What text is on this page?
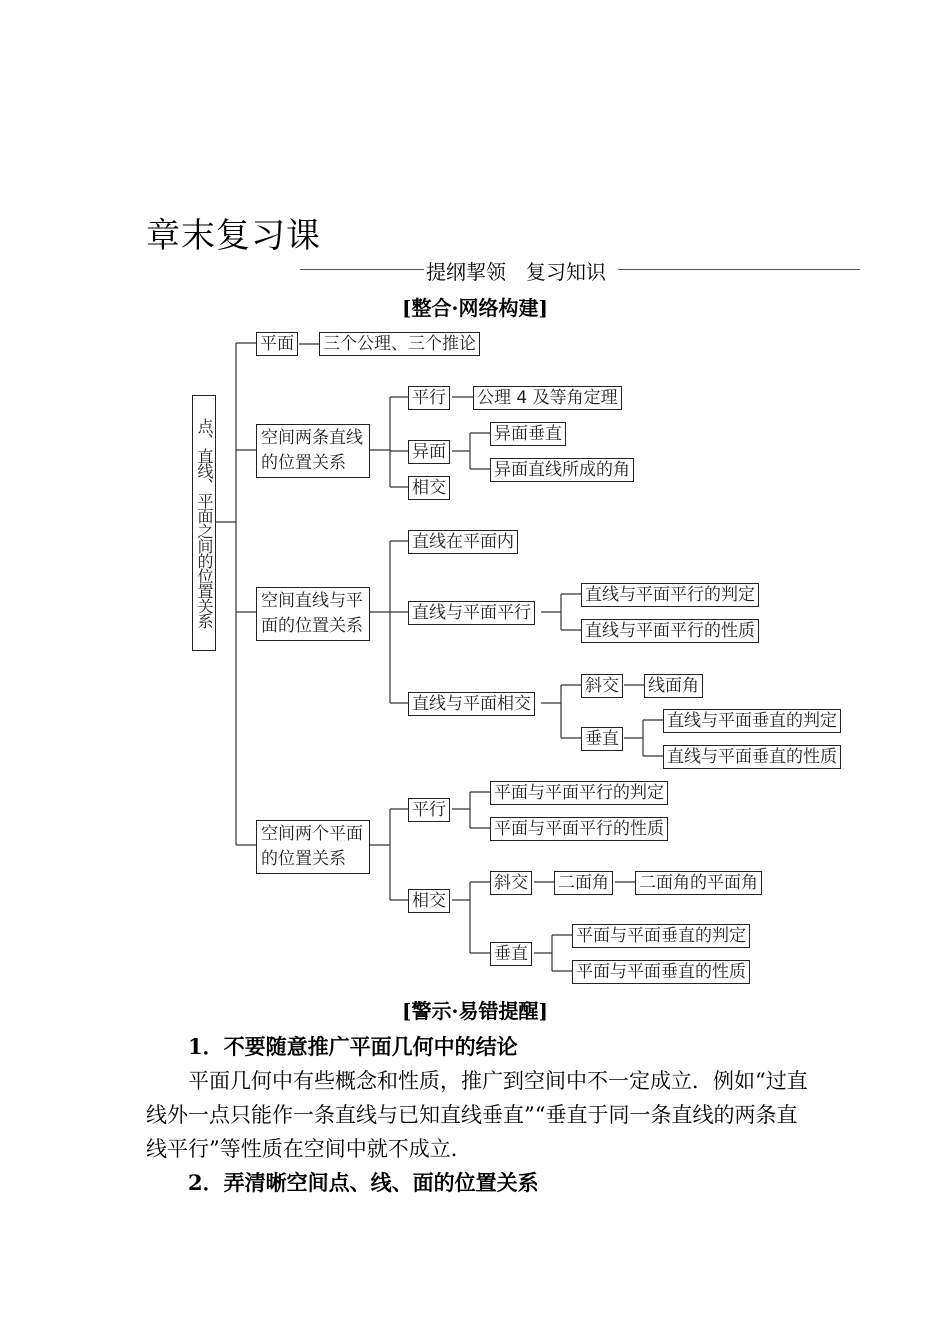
章末复习课
提纲挈领　复习知识
[整合·网络构建]
点、直线、平面之间的位置关系
平面 三个公理、三个推论
空间两条直线的位置关系
平行 公理 4 及等角定理
异面
异面垂直
异面直线所成的角
相交
空间直线与平面的位置关系
直线在平面内
直线与平面平行
直线与平面平行的判定
直线与平面平行的性质
直线与平面相交
斜交 线面角
垂直
直线与平面垂直的判定
直线与平面垂直的性质
空间两个平面的位置关系
平行
平面与平面平行的判定
平面与平面平行的性质
相交
斜交 二面角 二面角的平面角
垂直
平面与平面垂直的判定
平面与平面垂直的性质
[警示·易错提醒]
1．不要随意推广平面几何中的结论
平面几何中有些概念和性质，推广到空间中不一定成立．例如“过直线外一点只能作一条直线与已知直线垂直”“垂直于同一条直线的两条直线平行”等性质在空间中就不成立．
2．弄清晰空间点、线、面的位置关系
